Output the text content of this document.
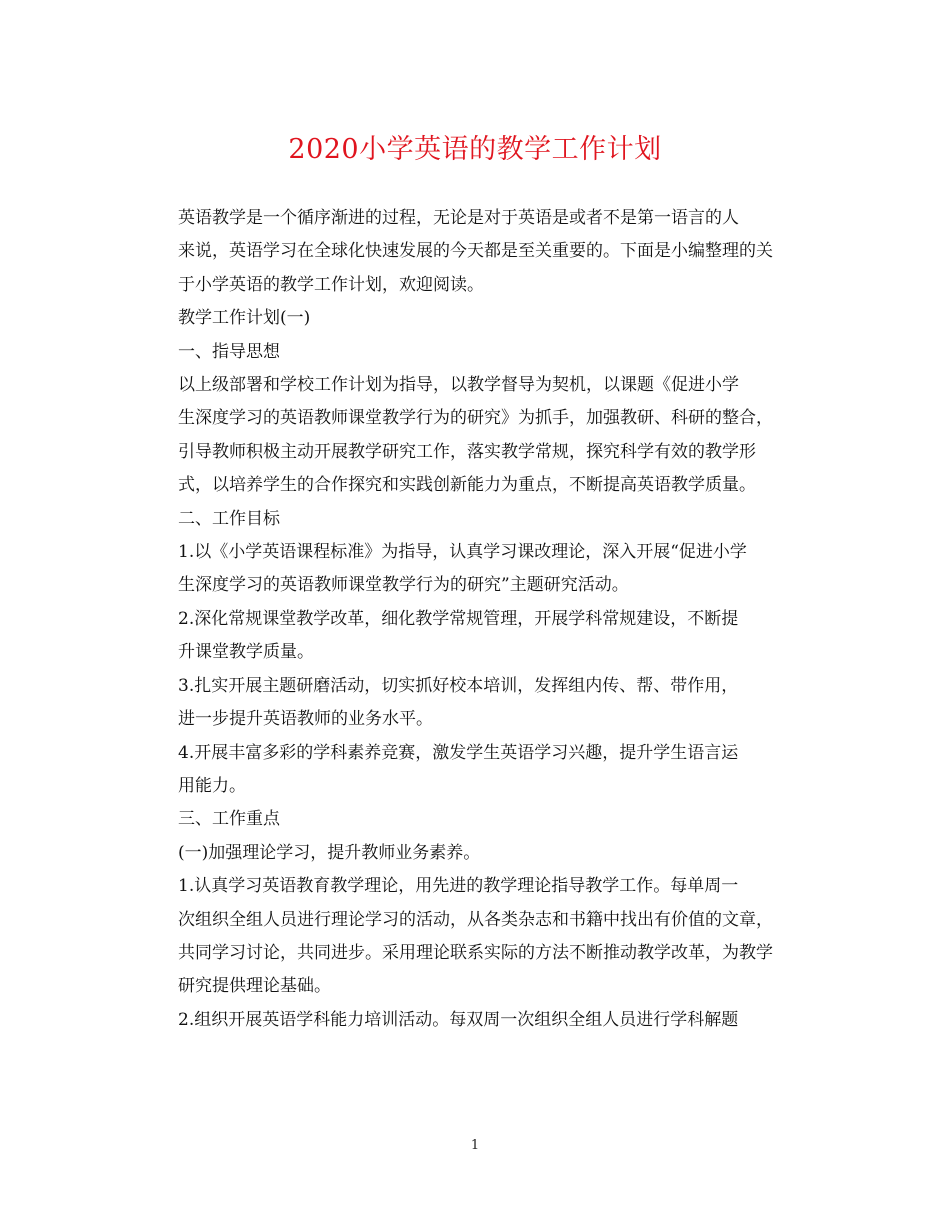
2020小学英语的教学工作计划

英语教学是一个循序渐进的过程，无论是对于英语是或者不是第一语言的人
来说，英语学习在全球化快速发展的今天都是至关重要的。下面是小编整理的关
于小学英语的教学工作计划，欢迎阅读。

教学工作计划(一)

一、指导思想

以上级部署和学校工作计划为指导，以教学督导为契机，以课题《促进小学
生深度学习的英语教师课堂教学行为的研究》为抓手，加强教研、科研的整合，
引导教师积极主动开展教学研究工作，落实教学常规，探究科学有效的教学形
式，以培养学生的合作探究和实践创新能力为重点，不断提高英语教学质量。

二、工作目标

1.以《小学英语课程标准》为指导，认真学习课改理论，深入开展“促进小学
生深度学习的英语教师课堂教学行为的研究”主题研究活动。

2.深化常规课堂教学改革，细化教学常规管理，开展学科常规建设，不断提
升课堂教学质量。

3.扎实开展主题研磨活动，切实抓好校本培训，发挥组内传、帮、带作用，
进一步提升英语教师的业务水平。

4.开展丰富多彩的学科素养竞赛，激发学生英语学习兴趣，提升学生语言运
用能力。

三、工作重点

(一)加强理论学习，提升教师业务素养。

1.认真学习英语教育教学理论，用先进的教学理论指导教学工作。每单周一
次组织全组人员进行理论学习的活动，从各类杂志和书籍中找出有价值的文章，
共同学习讨论，共同进步。采用理论联系实际的方法不断推动教学改革，为教学
研究提供理论基础。

2.组织开展英语学科能力培训活动。每双周一次组织全组人员进行学科解题

1
